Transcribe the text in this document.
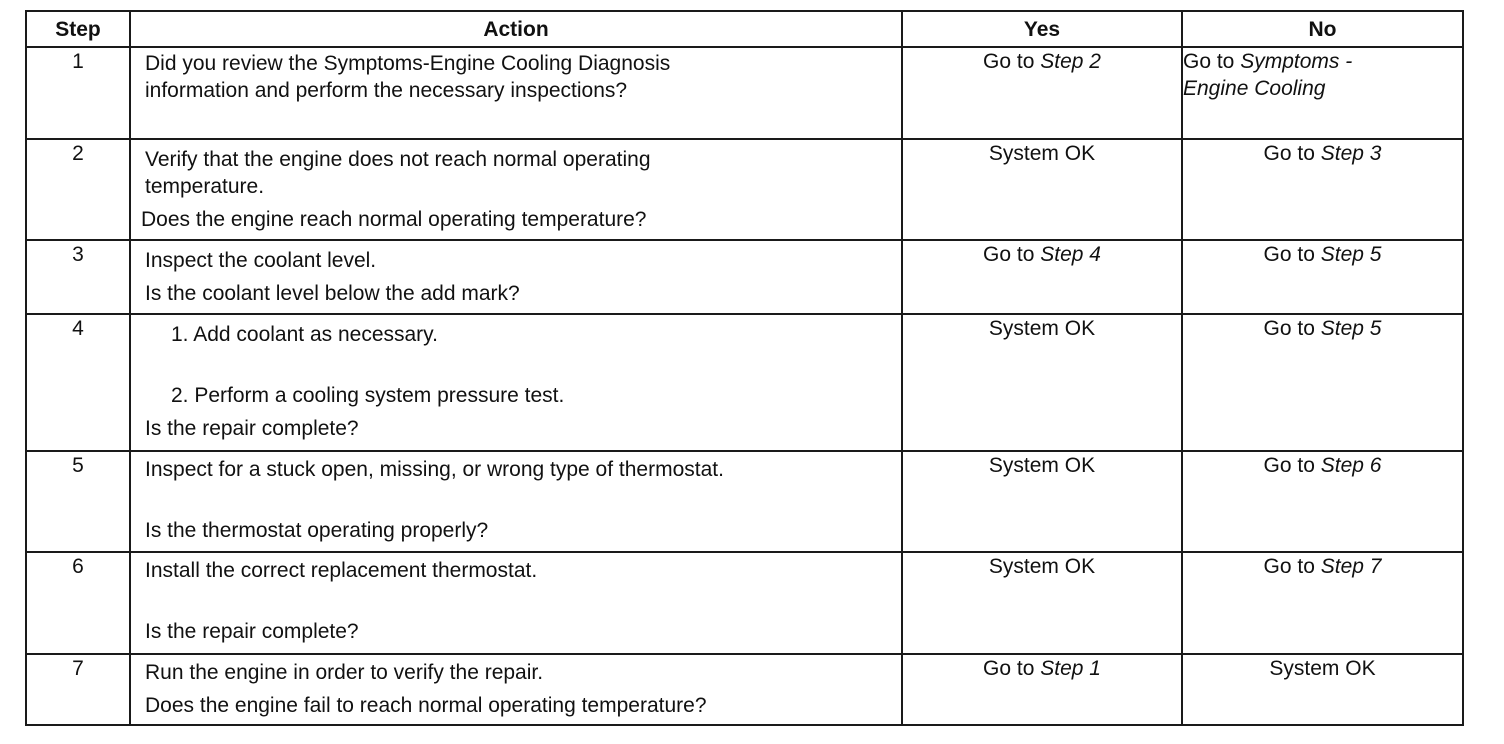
Step	Action	Yes	No
1	Did you review the Symptoms-Engine Cooling Diagnosis
information and perform the necessary inspections?	Go to Step 2	Go to Symptoms -
Engine Cooling
2	Verify that the engine does not reach normal operating
temperature.
Does the engine reach normal operating temperature?	System OK	Go to Step 3
3	Inspect the coolant level.
Is the coolant level below the add mark?	Go to Step 4	Go to Step 5
4	1. Add coolant as necessary.
2. Perform a cooling system pressure test.
Is the repair complete?	System OK	Go to Step 5
5	Inspect for a stuck open, missing, or wrong type of thermostat.
Is the thermostat operating properly?	System OK	Go to Step 6
6	Install the correct replacement thermostat.
Is the repair complete?	System OK	Go to Step 7
7	Run the engine in order to verify the repair.
Does the engine fail to reach normal operating temperature?	Go to Step 1	System OK
